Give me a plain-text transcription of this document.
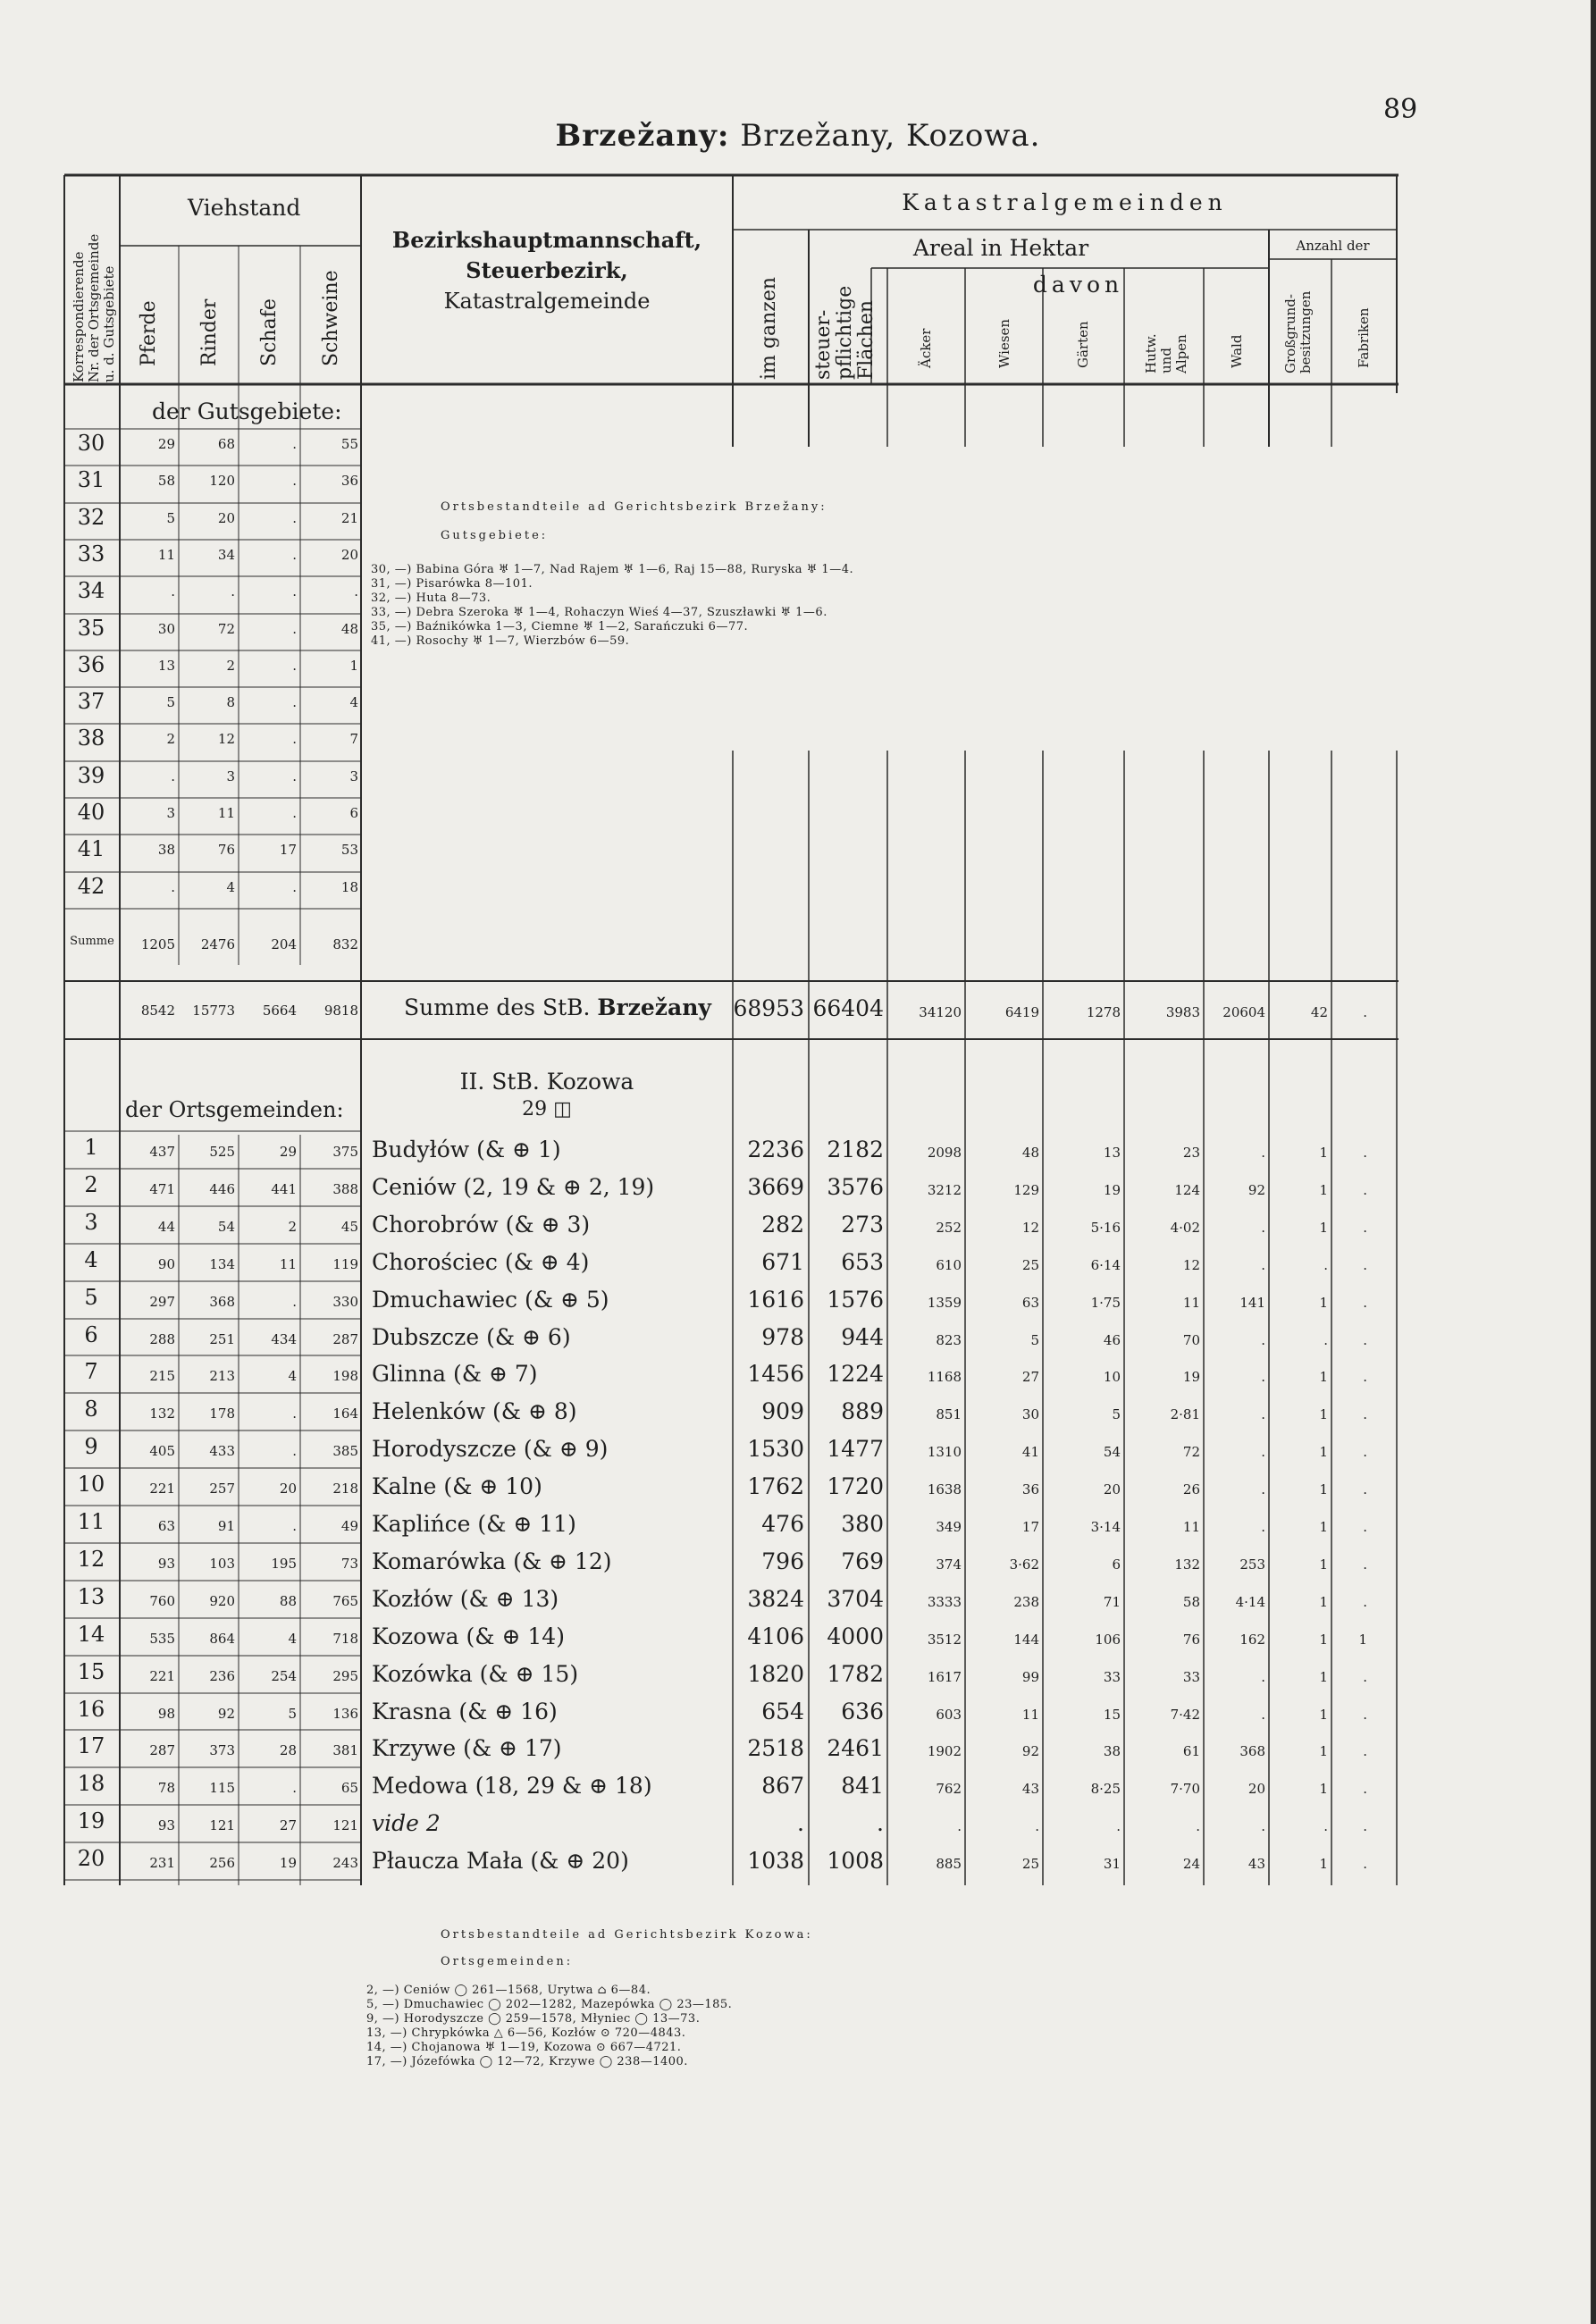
89
Brzežany: Brzežany, Kozowa.
Viehstand
Korrespondierende Nr. der Ortsgemeinde u. d. Gutsgebiete Pferde Rinder Schafe Schweine
Bezirkshauptmannschaft,
Steuerbezirk,
Katastralgemeinde
Katastralgemeinden
Areal in Hektar
davon
Anzahl der
im ganzen steuer- pflichtige Flächen	Äcker	Wiesen	Gärten	Hutw. und Alpen	Wald	Großgrund- besitzungen	Fabriken
der Gutsgebiete:
30	29	68	.	55
31	58	120	.	36
32	5	20	.	21
33	11	34	.	20
34	.	.	.	.
35	30	72	.	48
36	13	2	.	1
37	5	8	.	4
38	2	12	.	7
39	.	3	.	3
40	3	11	.	6
41	38	76	17	53
42	.	4	.	18
Summe	1205	2476	204	832
Ortsbestandteile ad Gerichtsbezirk Brzežany:
Gutsgebiete:
30, —) Babina Góra ♅ 1—7, Nad Rajem ♅ 1—6, Raj 15—88, Ruryska ♅ 1—4.
31, —) Pisarówka 8—101.
32, —) Huta 8—73.
33, —) Debra Szeroka ♅ 1—4, Rohaczyn Wieś 4—37, Szuszławki ♅ 1—6.
35, —) Baźnikówka 1—3, Ciemne ♅ 1—2, Sarańczuki 6—77.
41, —) Rosochy ♅ 1—7, Wierzbów 6—59.
8542	15773	5664	9818 Summe des StB. Brzežany 68953 66404	34120	6419	1278	3983	20604	42	.
II. StB. Kozowa
29 ◫
der Ortsgemeinden:
1	437	525	29	375 Budyłów (& ⊕ 1)	2236	2182	2098	48	13	23	.	1	.
2	471	446	441	388 Ceniów (2, 19 & ⊕ 2, 19)	3669	3576	3212	129	19	124	92	1	.
3	44	54	2	45 Chorobrów (& ⊕ 3)	282	273	252	12	5·16	4·02	.	1	.
4	90	134	11	119 Chorościec (& ⊕ 4)	671	653	610	25	6·14	12	.	.	.
5	297	368	.	330 Dmuchawiec (& ⊕ 5)	1616	1576	1359	63	1·75	11	141	1	.
6	288	251	434	287 Dubszcze (& ⊕ 6)	978	944	823	5	46	70	.	.	.
7	215	213	4	198 Glinna (& ⊕ 7)	1456	1224	1168	27	10	19	.	1	.
8	132	178	.	164 Helenków (& ⊕ 8)	909	889	851	30	5	2·81	.	1	.
9	405	433	.	385 Horodyszcze (& ⊕ 9)	1530	1477	1310	41	54	72	.	1	.
10	221	257	20	218 Kalne (& ⊕ 10)	1762	1720	1638	36	20	26	.	1	.
11	63	91	.	49 Kaplińce (& ⊕ 11)	476	380	349	17	3·14	11	.	1	.
12	93	103	195	73 Komarówka (& ⊕ 12)	796	769	374	3·62	6	132	253	1	.
13	760	920	88	765 Kozłów (& ⊕ 13)	3824	3704	3333	238	71	58	4·14	1	.
14	535	864	4	718 Kozowa (& ⊕ 14)	4106	4000	3512	144	106	76	162	1	1
15	221	236	254	295 Kozówka (& ⊕ 15)	1820	1782	1617	99	33	33	.	1	.
16	98	92	5	136 Krasna (& ⊕ 16)	654	636	603	11	15	7·42	.	1	.
17	287	373	28	381 Krzywe (& ⊕ 17)	2518	2461	1902	92	38	61	368	1	.
18	78	115	.	65 Medowa (18, 29 & ⊕ 18)	867	841	762	43	8·25	7·70	20	1	.
19	93	121	27	121 vide 2	.	.	.	.	.	.	.	.	.
20	231	256	19	243 Płaucza Mała (& ⊕ 20)	1038	1008	885	25	31	24	43	1	.
Ortsbestandteile ad Gerichtsbezirk Kozowa:
Ortsgemeinden:
2, —) Ceniów ◯ 261—1568, Urytwa ⌂ 6—84.
5, —) Dmuchawiec ◯ 202—1282, Mazepówka ◯ 23—185.
9, —) Horodyszcze ◯ 259—1578, Młyniec ◯ 13—73.
13, —) Chrypkówka △ 6—56, Kozłów ⊙ 720—4843.
14, —) Chojanowa ♅ 1—19, Kozowa ⊙ 667—4721.
17, —) Józefówka ◯ 12—72, Krzywe ◯ 238—1400.
